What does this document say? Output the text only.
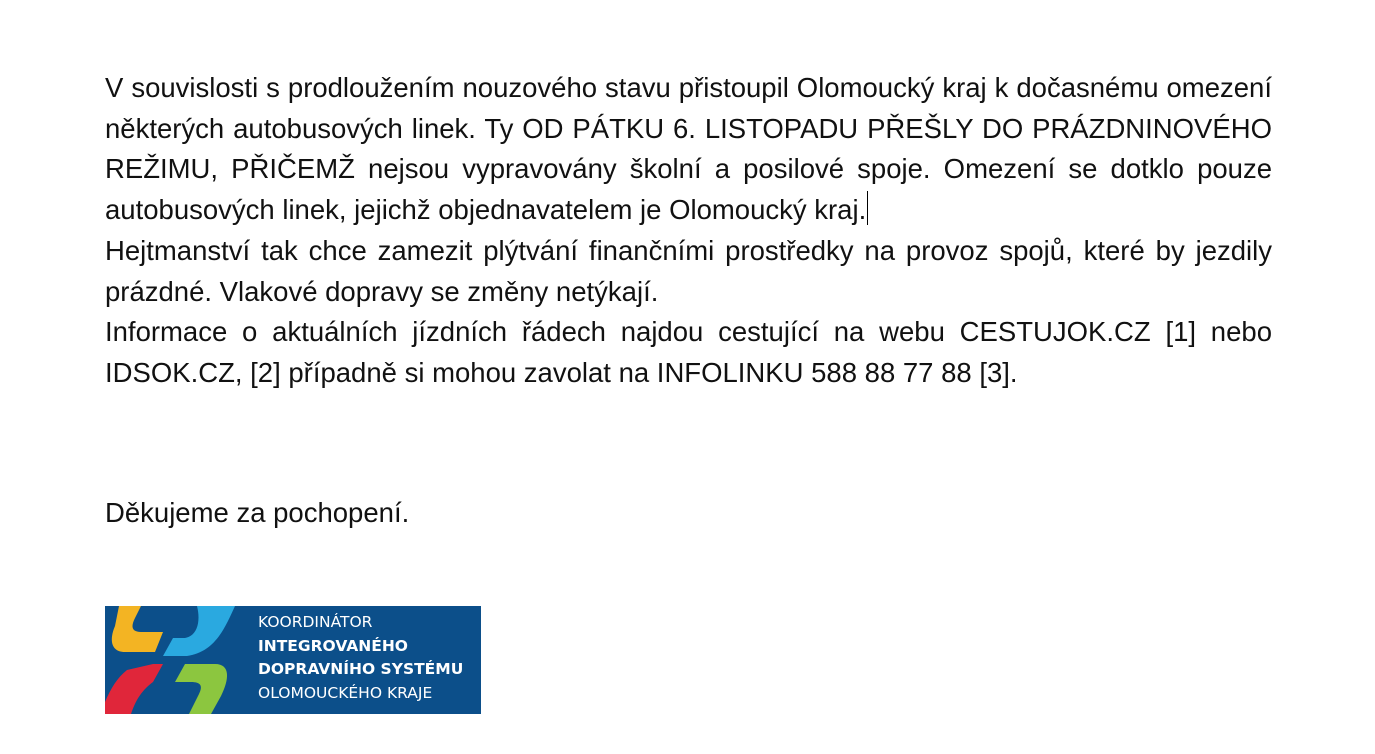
V souvislosti s prodloužením nouzového stavu přistoupil Olomoucký kraj k dočasnému omezení některých autobusových linek. Ty OD PÁTKU 6. LISTOPADU PŘEŠLY DO PRÁZDNINOVÉHO REŽIMU, PŘIČEMŽ nejsou vypravovány školní a posilové spoje. Omezení se dotklo pouze autobusových linek, jejichž objednavatelem je Olomoucký kraj.

Hejtmanství tak chce zamezit plýtvání finančními prostředky na provoz spojů, které by jezdily prázdné. Vlakové dopravy se změny netýkají.

Informace o aktuálních jízdních řádech najdou cestující na webu CESTUJOK.CZ [1] nebo IDSOK.CZ, [2] případně si mohou zavolat na INFOLINKU 588 88 77 88 [3].

Děkujeme za pochopení.

KOORDINÁTOR
INTEGROVANÉHO
DOPRAVNÍHO SYSTÉMU
OLOMOUCKÉHO KRAJE
